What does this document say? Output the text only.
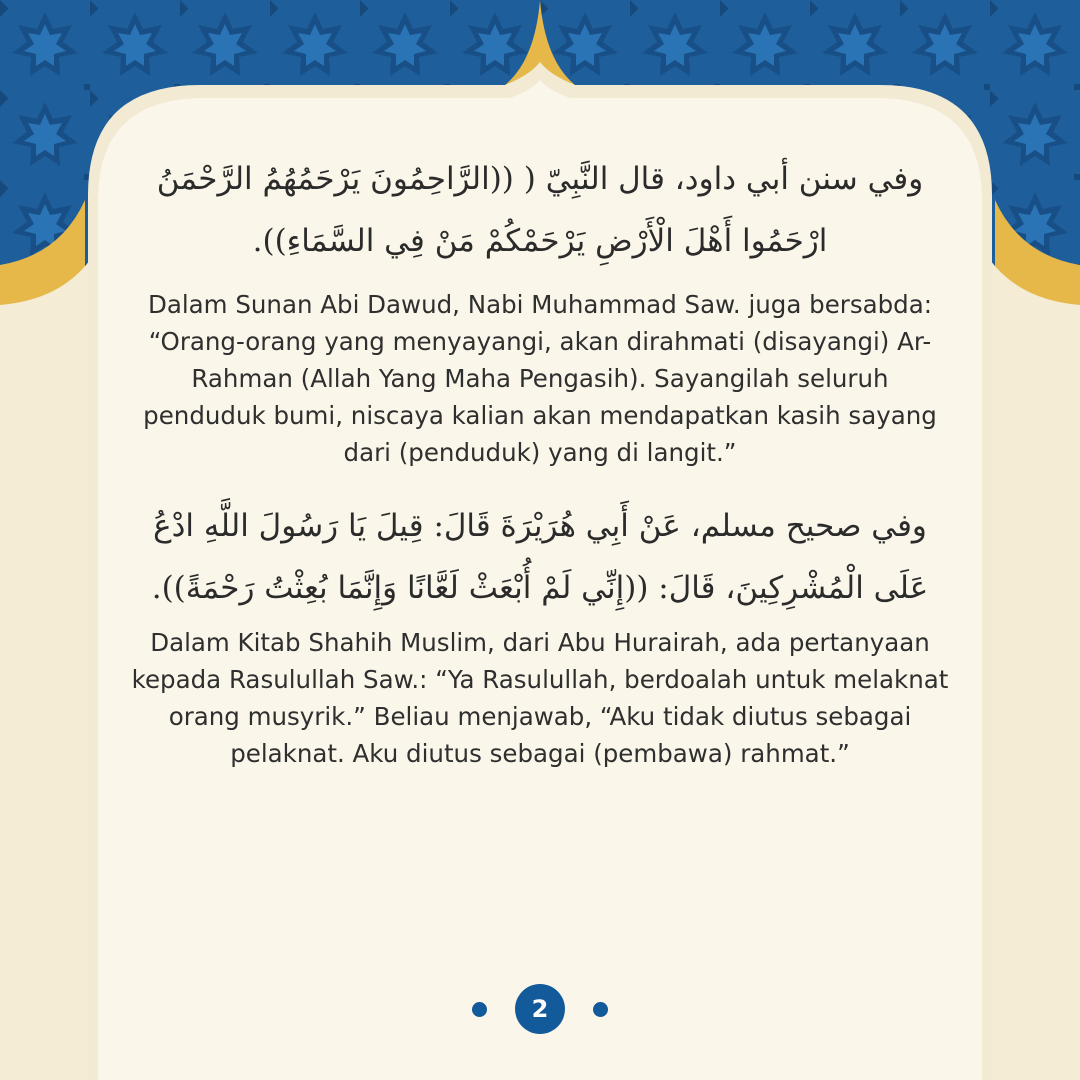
وفي سنن أبي داود، قال النَّبِيّ ( ((الرَّاحِمُونَ يَرْحَمُهُمُ الرَّحْمَنُ ارْحَمُوا أَهْلَ الْأَرْضِ يَرْحَمْكُمْ مَنْ فِي السَّمَاءِ)).
Dalam Sunan Abi Dawud, Nabi Muhammad Saw. juga bersabda: “Orang-orang yang menyayangi, akan dirahmati (disayangi) Ar-Rahman (Allah Yang Maha Pengasih). Sayangilah seluruh penduduk bumi, niscaya kalian akan mendapatkan kasih sayang dari (penduduk) yang di langit.”
وفي صحيح مسلم، عَنْ أَبِي هُرَيْرَةَ قَالَ: قِيلَ يَا رَسُولَ اللَّهِ ادْعُ عَلَى الْمُشْرِكِينَ، قَالَ: ((إِنِّي لَمْ أُبْعَثْ لَعَّانًا وَإِنَّمَا بُعِثْتُ رَحْمَةً)).
Dalam Kitab Shahih Muslim, dari Abu Hurairah, ada pertanyaan kepada Rasulullah Saw.: “Ya Rasulullah, berdoalah untuk melaknat orang musyrik.” Beliau menjawab, “Aku tidak diutus sebagai pelaknat. Aku diutus sebagai (pembawa) rahmat.”
2
